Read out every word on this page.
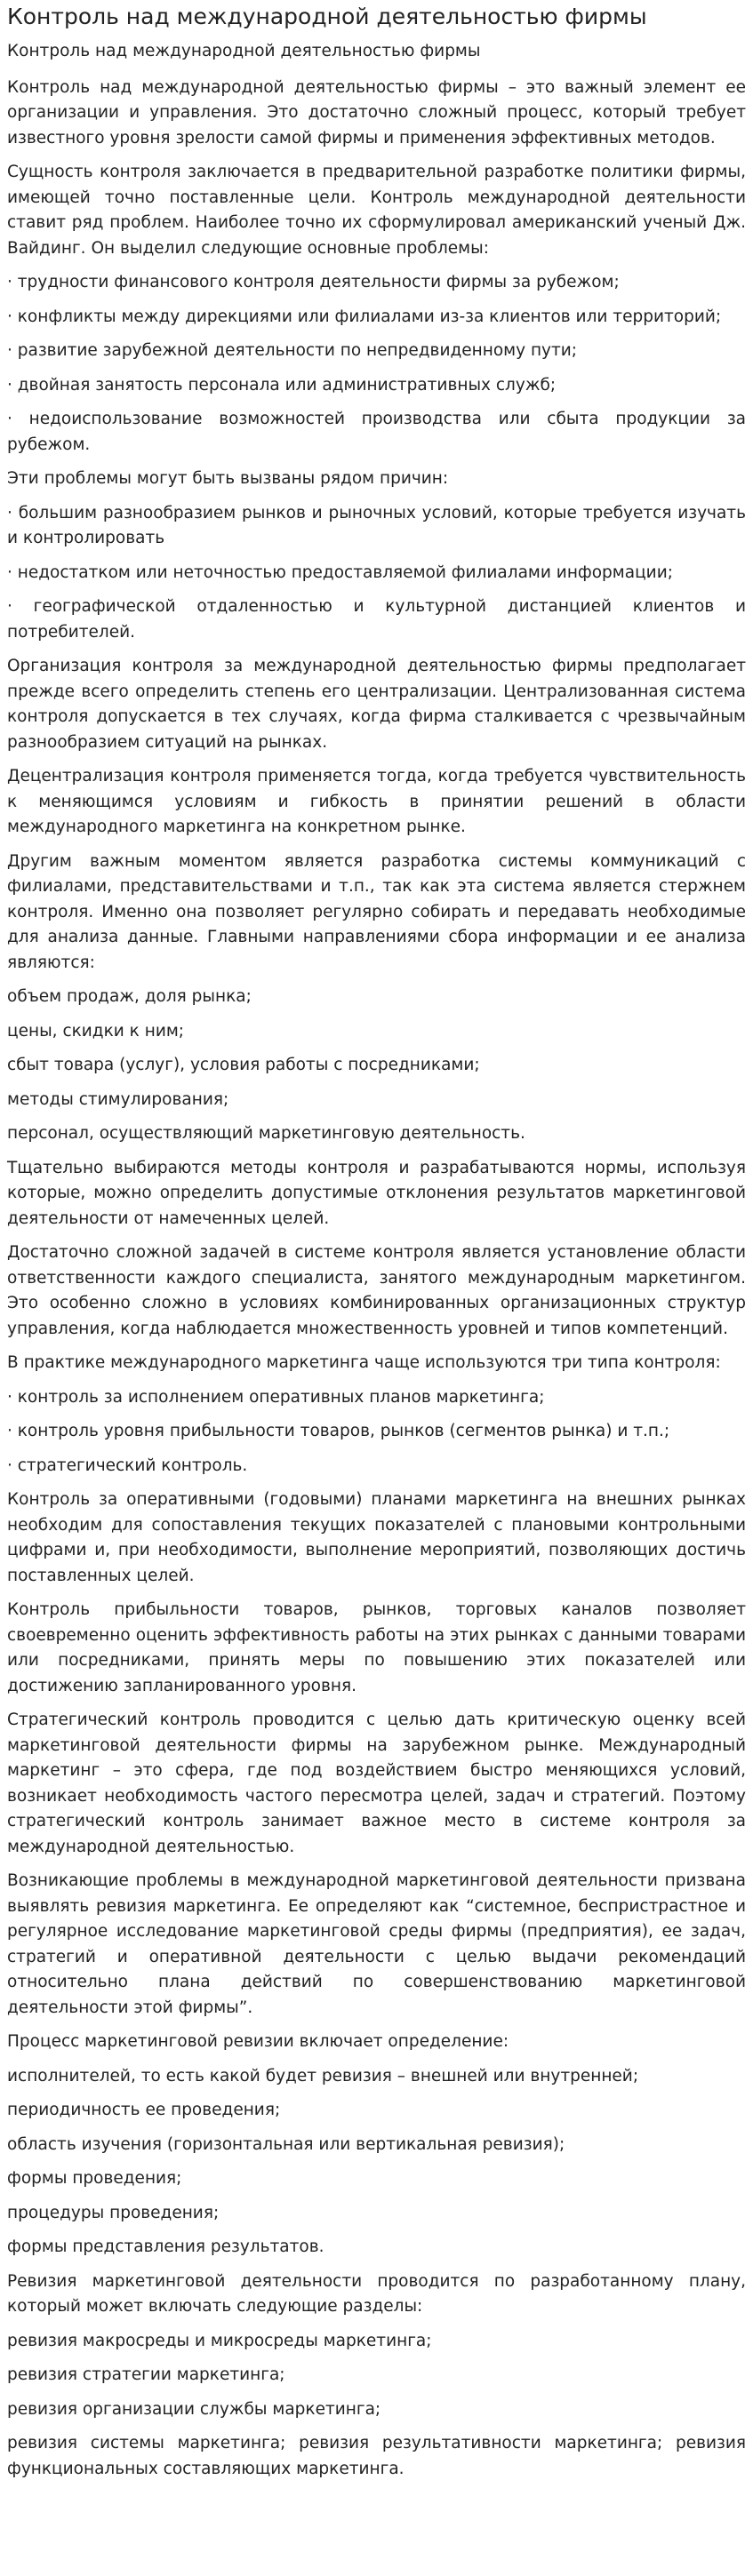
Контроль над международной деятельностью фирмы

Контроль над международной деятельностью фирмы

Контроль над международной деятельностью фирмы – это важный элемент ее организации и управления. Это достаточно сложный процесс, который требует известного уровня зрелости самой фирмы и применения эффективных методов.

Сущность контроля заключается в предварительной разработке политики фирмы, имеющей точно поставленные цели. Контроль международной деятельности ставит ряд проблем. Наиболее точно их сформулировал американский ученый Дж. Вайдинг. Он выделил следующие основные проблемы:

· трудности финансового контроля деятельности фирмы за рубежом;

· конфликты между дирекциями или филиалами из-за клиентов или территорий;

· развитие зарубежной деятельности по непредвиденному пути;

· двойная занятость персонала или административных служб;

· недоиспользование возможностей производства или сбыта продукции за рубежом.

Эти проблемы могут быть вызваны рядом причин:

· большим разнообразием рынков и рыночных условий, которые требуется изучать и контролировать

· недостатком или неточностью предоставляемой филиалами информации;

· географической отдаленностью и культурной дистанцией клиентов и потребителей.

Организация контроля за международной деятельностью фирмы предполагает прежде всего определить степень его централизации. Централизованная система контроля допускается в тех случаях, когда фирма сталкивается с чрезвычайным разнообразием ситуаций на рынках.

Децентрализация контроля применяется тогда, когда требуется чувствительность к меняющимся условиям и гибкость в принятии решений в области международного маркетинга на конкретном рынке.

Другим важным моментом является разработка системы коммуникаций с филиалами, представительствами и т.п., так как эта система является стержнем контроля. Именно она позволяет регулярно собирать и передавать необходимые для анализа данные. Главными направлениями сбора информации и ее анализа являются:

объем продаж, доля рынка;

цены, скидки к ним;

сбыт товара (услуг), условия работы с посредниками;

методы стимулирования;

персонал, осуществляющий маркетинговую деятельность.

Тщательно выбираются методы контроля и разрабатываются нормы, используя которые, можно определить допустимые отклонения результатов маркетинговой деятельности от намеченных целей.

Достаточно сложной задачей в системе контроля является установление области ответственности каждого специалиста, занятого международным маркетингом. Это особенно сложно в условиях комбинированных организационных структур управления, когда наблюдается множественность уровней и типов компетенций.

В практике международного маркетинга чаще используются три типа контроля:

· контроль за исполнением оперативных планов маркетинга;

· контроль уровня прибыльности товаров, рынков (сегментов рынка) и т.п.;

· стратегический контроль.

Контроль за оперативными (годовыми) планами маркетинга на внешних рынках необходим для сопоставления текущих показателей с плановыми контрольными цифрами и, при необходимости, выполнение мероприятий, позволяющих достичь поставленных целей.

Контроль прибыльности товаров, рынков, торговых каналов позволяет своевременно оценить эффективность работы на этих рынках с данными товарами или посредниками, принять меры по повышению этих показателей или достижению запланированного уровня.

Стратегический контроль проводится с целью дать критическую оценку всей маркетинговой деятельности фирмы на зарубежном рынке. Международный маркетинг – это сфера, где под воздействием быстро меняющихся условий, возникает необходимость частого пересмотра целей, задач и стратегий. Поэтому стратегический контроль занимает важное место в системе контроля за международной деятельностью.

Возникающие проблемы в международной маркетинговой деятельности призвана выявлять ревизия маркетинга. Ее определяют как “системное, беспристрастное и регулярное исследование маркетинговой среды фирмы (предприятия), ее задач, стратегий и оперативной деятельности с целью выдачи рекомендаций относительно плана действий по совершенствованию маркетинговой деятельности этой фирмы”.

Процесс маркетинговой ревизии включает определение:

исполнителей, то есть какой будет ревизия – внешней или внутренней;

периодичность ее проведения;

область изучения (горизонтальная или вертикальная ревизия);

формы проведения;

процедуры проведения;

формы представления результатов.

Ревизия маркетинговой деятельности проводится по разработанному плану, который может включать следующие разделы:

ревизия макросреды и микросреды маркетинга;

ревизия стратегии маркетинга;

ревизия организации службы маркетинга;

ревизия системы маркетинга; ревизия результативности маркетинга; ревизия функциональных составляющих маркетинга.
